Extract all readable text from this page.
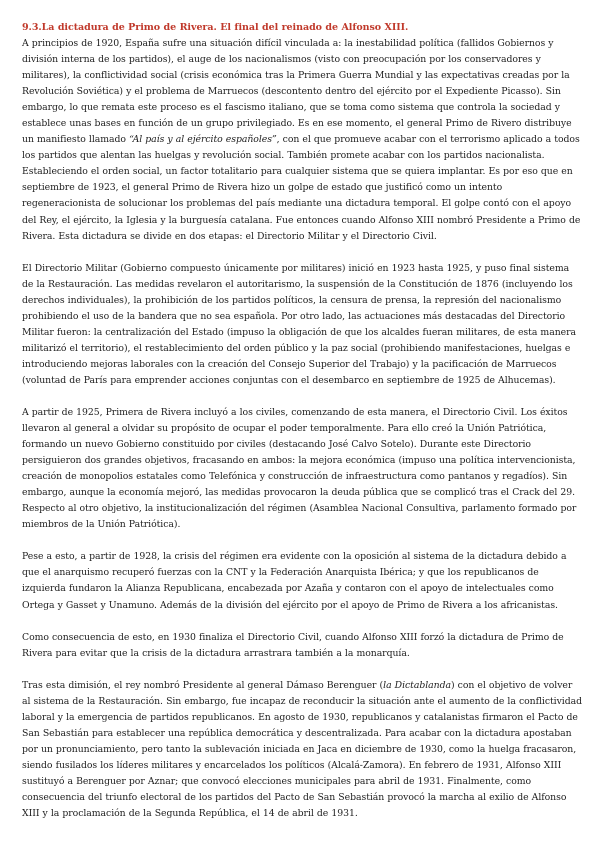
9.3.La dictadura de Primo de Rivera. El final del reinado de Alfonso XIII.

A principios de 1920, España sufre una situación difícil vinculada a: la inestabilidad política (fallidos Gobiernos y división interna de los partidos), el auge de los nacionalismos (visto con preocupación por los conservadores y militares), la conflictividad social (crisis económica tras la Primera Guerra Mundial y las expectativas creadas por la Revolución Soviética) y el problema de Marruecos (descontento dentro del ejército por el Expediente Picasso). Sin embargo, lo que remata este proceso es el fascismo italiano, que se toma como sistema que controla la sociedad y establece unas bases en función de un grupo privilegiado. Es en ese momento, el general Primo de Rivero distribuye un manifiesto llamado “Al país y al ejército españoles”, con el que promueve acabar con el terrorismo aplicado a todos los partidos que alentan las huelgas y revolución social. También promete acabar con los partidos nacionalista. Estableciendo el orden social, un factor totalitario para cualquier sistema que se quiera implantar. Es por eso que en septiembre de 1923, el general Primo de Rivera hizo un golpe de estado que justificó como un intento regeneracionista de solucionar los problemas del país mediante una dictadura temporal. El golpe contó con el apoyo del Rey, el ejército, la Iglesia y la burguesía catalana. Fue entonces cuando Alfonso XIII nombró Presidente a Primo de Rivera. Esta dictadura se divide en dos etapas: el Directorio Militar y el Directorio Civil.

El Directorio Militar (Gobierno compuesto únicamente por militares) inició en 1923 hasta 1925, y puso final sistema de la Restauración. Las medidas revelaron el autoritarismo, la suspensión de la Constitución de 1876 (incluyendo los derechos individuales), la prohibición de los partidos políticos, la censura de prensa, la represión del nacionalismo prohibiendo el uso de la bandera que no sea española. Por otro lado, las actuaciones más destacadas del Directorio Militar fueron: la centralización del Estado (impuso la obligación de que los alcaldes fueran militares, de esta manera militarizó el territorio), el restablecimiento del orden público y la paz social (prohibiendo manifestaciones, huelgas e introduciendo mejoras laborales con la creación del Consejo Superior del Trabajo) y la pacificación de Marruecos (voluntad de París para emprender acciones conjuntas con el desembarco en septiembre de 1925 de Alhucemas).

A partir de 1925, Primera de Rivera incluyó a los civiles, comenzando de esta manera, el Directorio Civil. Los éxitos llevaron al general a olvidar su propósito de ocupar el poder temporalmente. Para ello creó la Unión Patriótica, formando un nuevo Gobierno constituido por civiles (destacando José Calvo Sotelo). Durante este Directorio persiguieron dos grandes objetivos, fracasando en ambos: la mejora económica (impuso una política intervencionista, creación de monopolios estatales como Telefónica y construcción de infraestructura como pantanos y regadíos). Sin embargo, aunque la economía mejoró, las medidas provocaron la deuda pública que se complicó tras el Crack del 29. Respecto al otro objetivo, la institucionalización del régimen (Asamblea Nacional Consultiva, parlamento formado por miembros de la Unión Patriótica).

Pese a esto, a partir de 1928, la crisis del régimen era evidente con la oposición al sistema de la dictadura debido a que el anarquismo recuperó fuerzas con la CNT y la Federación Anarquista Ibérica; y que los republicanos de izquierda fundaron la Alianza Republicana, encabezada por Azaña y contaron con el apoyo de intelectuales como Ortega y Gasset y Unamuno. Además de la división del ejército por el apoyo de Primo de Rivera a los africanistas.

Como consecuencia de esto, en 1930 finaliza el Directorio Civil, cuando Alfonso XIII forzó la dictadura de Primo de Rivera para evitar que la crisis de la dictadura arrastrara también a la monarquía.

Tras esta dimisión, el rey nombró Presidente al general Dámaso Berenguer (la Dictablanda) con el objetivo de volver al sistema de la Restauración. Sin embargo, fue incapaz de reconducir la situación ante el aumento de la conflictividad laboral y la emergencia de partidos republicanos. En agosto de 1930, republicanos y catalanistas firmaron el Pacto de San Sebastián para establecer una república democrática y descentralizada. Para acabar con la dictadura apostaban por un pronunciamiento, pero tanto la sublevación iniciada en Jaca en diciembre de 1930, como la huelga fracasaron, siendo fusilados los líderes militares y encarcelados los políticos (Alcalá-Zamora). En febrero de 1931, Alfonso XIII sustituyó a Berenguer por Aznar; que convocó elecciones municipales para abril de 1931. Finalmente, como consecuencia del triunfo electoral de los partidos del Pacto de San Sebastián provocó la marcha al exilio de Alfonso XIII y la proclamación de la Segunda República, el 14 de abril de 1931.
